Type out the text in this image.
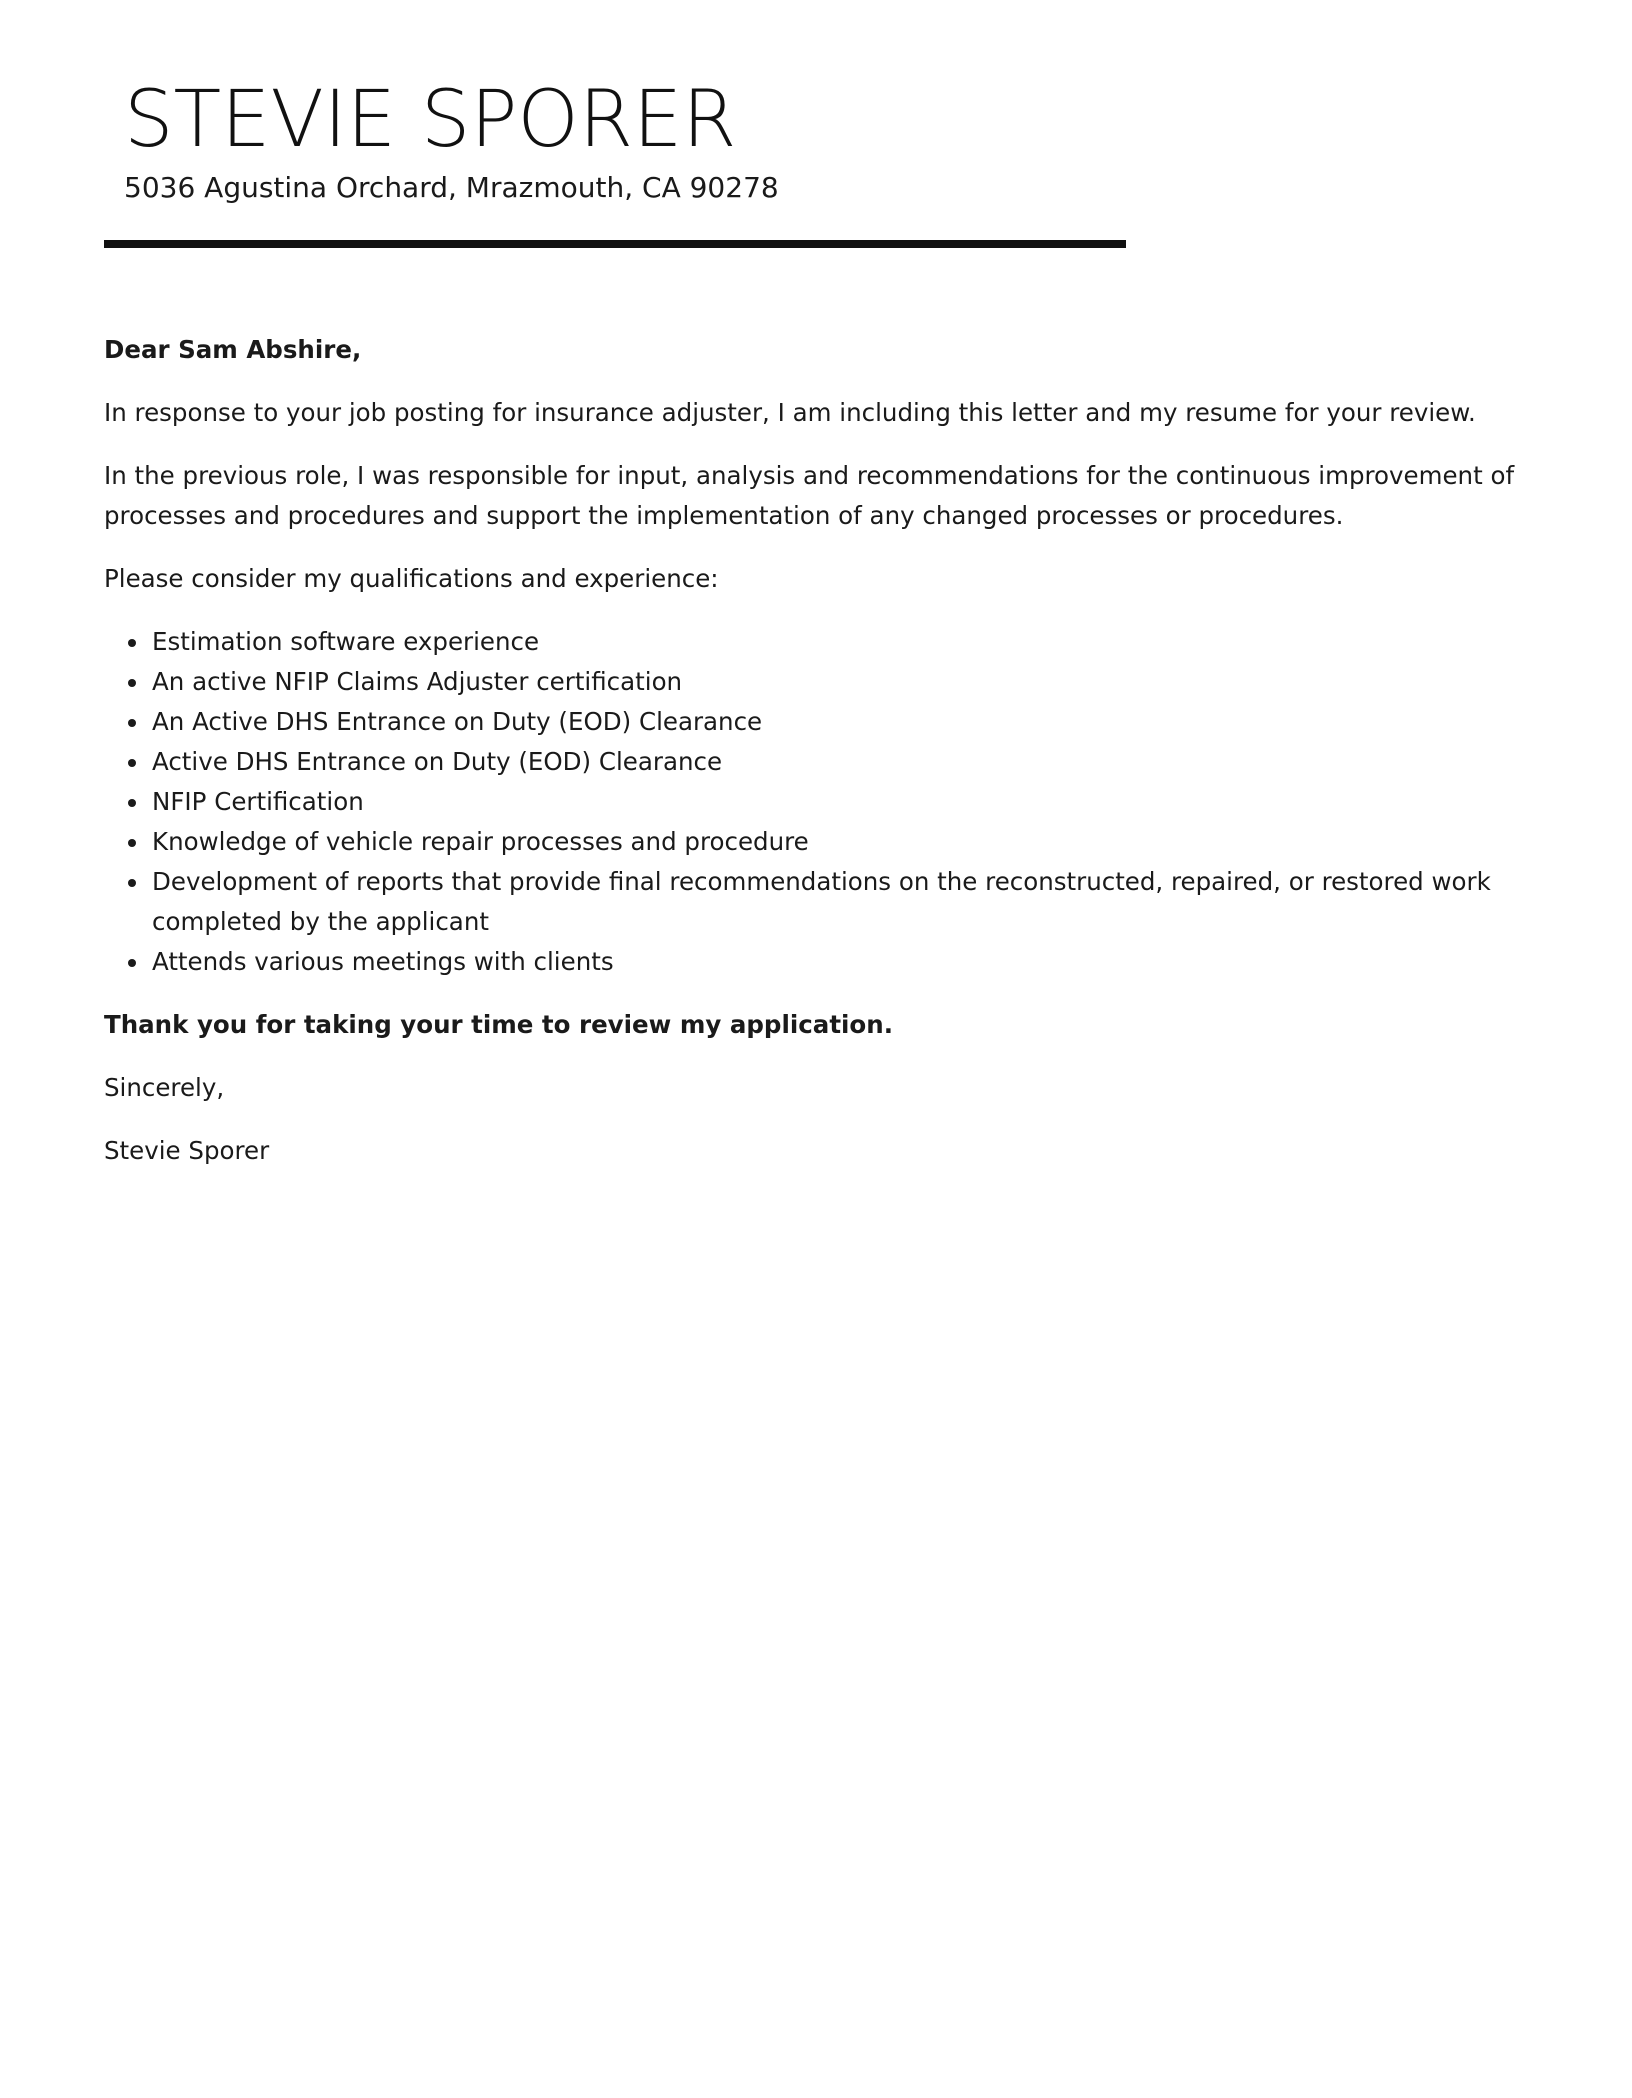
STEVIE SPORER

5036 Agustina Orchard, Mrazmouth, CA 90278

Dear Sam Abshire,

In response to your job posting for insurance adjuster, I am including this letter and my resume for your review.

In the previous role, I was responsible for input, analysis and recommendations for the continuous improvement of processes and procedures and support the implementation of any changed processes or procedures.

Please consider my qualifications and experience:

Estimation software experience
An active NFIP Claims Adjuster certification
An Active DHS Entrance on Duty (EOD) Clearance
Active DHS Entrance on Duty (EOD) Clearance
NFIP Certification
Knowledge of vehicle repair processes and procedure
Development of reports that provide final recommendations on the reconstructed, repaired, or restored work completed by the applicant
Attends various meetings with clients

Thank you for taking your time to review my application.

Sincerely,

Stevie Sporer
